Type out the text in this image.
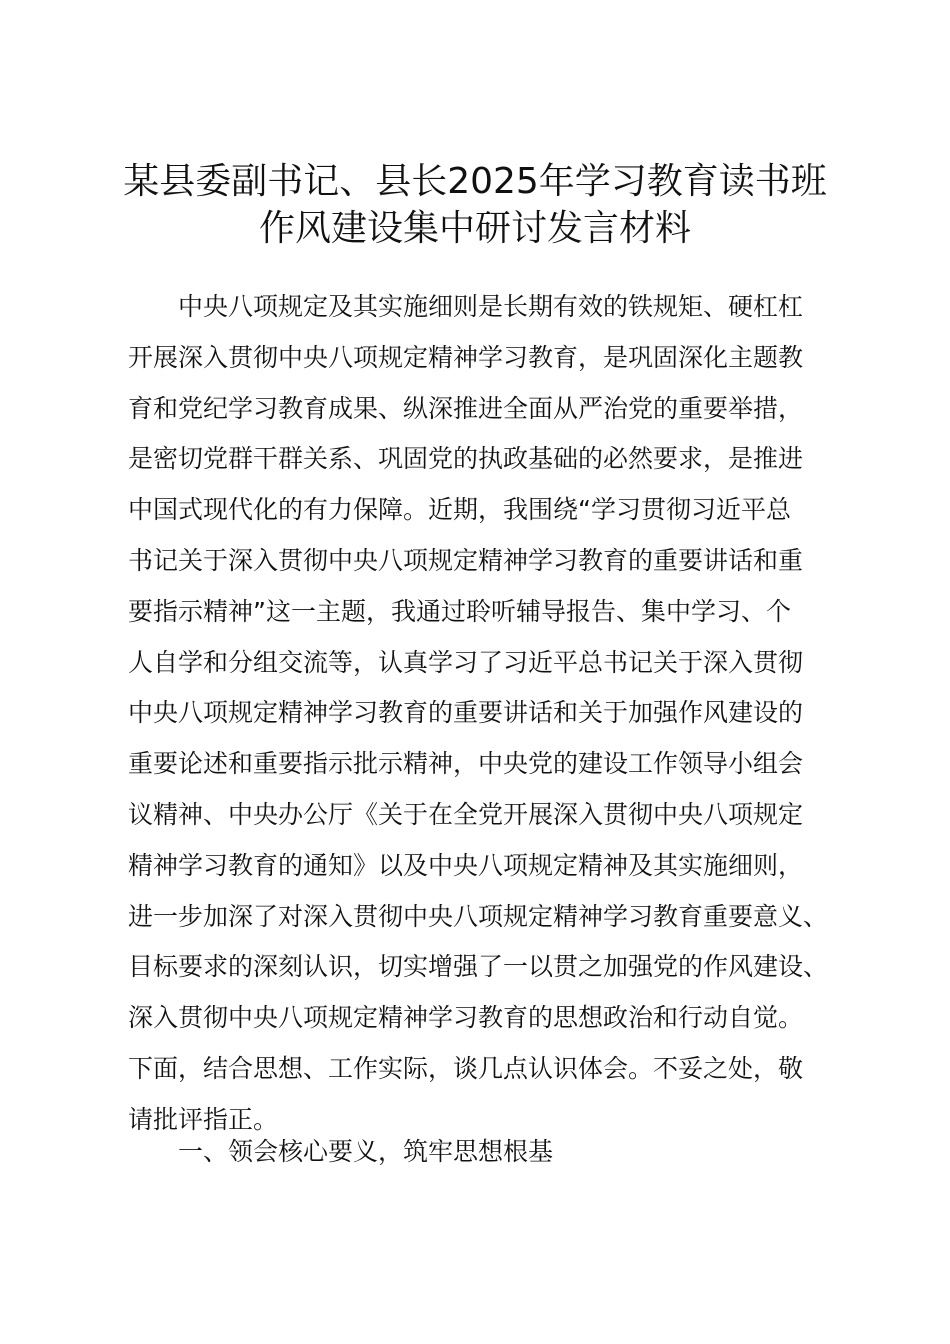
某县委副书记、县长2025年学习教育读书班
作风建设集中研讨发言材料
中央八项规定及其实施细则是长期有效的铁规矩、硬杠杠
开展深入贯彻中央八项规定精神学习教育，是巩固深化主题教
育和党纪学习教育成果、纵深推进全面从严治党的重要举措，
是密切党群干群关系、巩固党的执政基础的必然要求，是推进
中国式现代化的有力保障。近期，我围绕“学习贯彻习近平总
书记关于深入贯彻中央八项规定精神学习教育的重要讲话和重
要指示精神”这一主题，我通过聆听辅导报告、集中学习、个
人自学和分组交流等，认真学习了习近平总书记关于深入贯彻
中央八项规定精神学习教育的重要讲话和关于加强作风建设的
重要论述和重要指示批示精神，中央党的建设工作领导小组会
议精神、中央办公厅《关于在全党开展深入贯彻中央八项规定
精神学习教育的通知》以及中央八项规定精神及其实施细则，
进一步加深了对深入贯彻中央八项规定精神学习教育重要意义、
目标要求的深刻认识，切实增强了一以贯之加强党的作风建设、
深入贯彻中央八项规定精神学习教育的思想政治和行动自觉。
下面，结合思想、工作实际，谈几点认识体会。不妥之处，敬
请批评指正。
一、领会核心要义，筑牢思想根基
